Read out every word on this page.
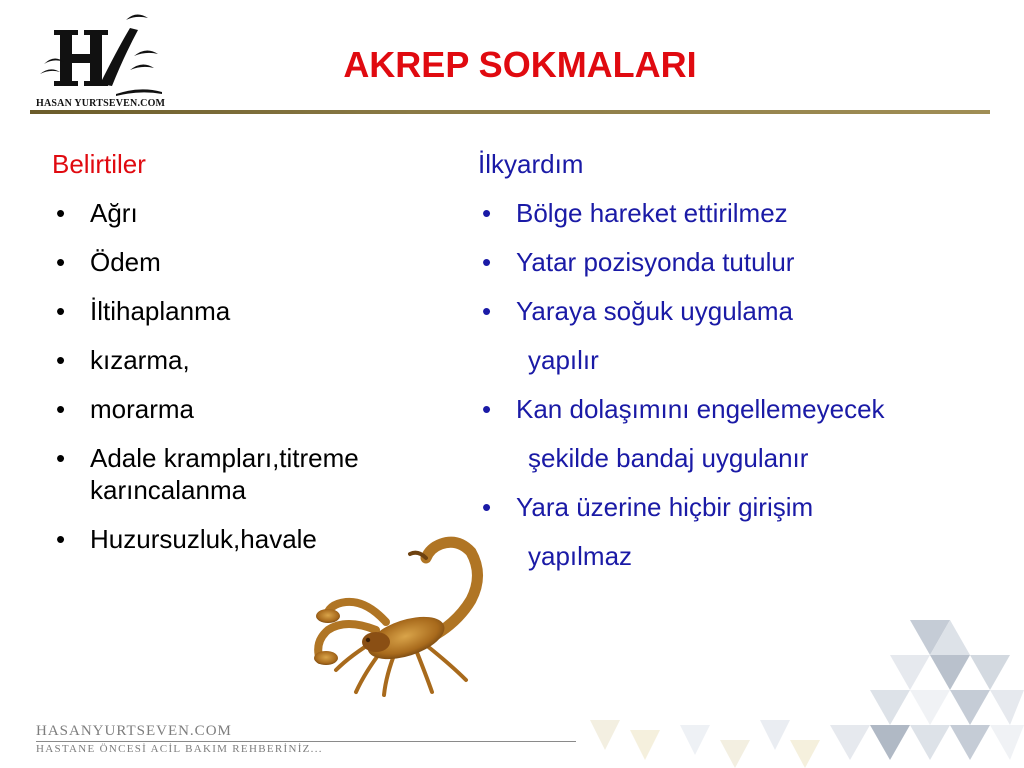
HASAN YURTSEVEN.COM
AKREP SOKMALARI
Belirtiler
• Ağrı
• Ödem
• İltihaplanma
• kızarma,
• morarma
• Adale krampları,titreme karıncalanma
• Huzursuzluk,havale
İlkyardım
• Bölge hareket ettirilmez
• Yatar pozisyonda tutulur
• Yaraya soğuk uygulama
yapılır
• Kan dolaşımını engellemeyecek
şekilde bandaj uygulanır
• Yara üzerine hiçbir girişim
yapılmaz
HASANYURTSEVEN.COM
HASTANE ÖNCESİ ACİL BAKIM REHBERİNİZ...
